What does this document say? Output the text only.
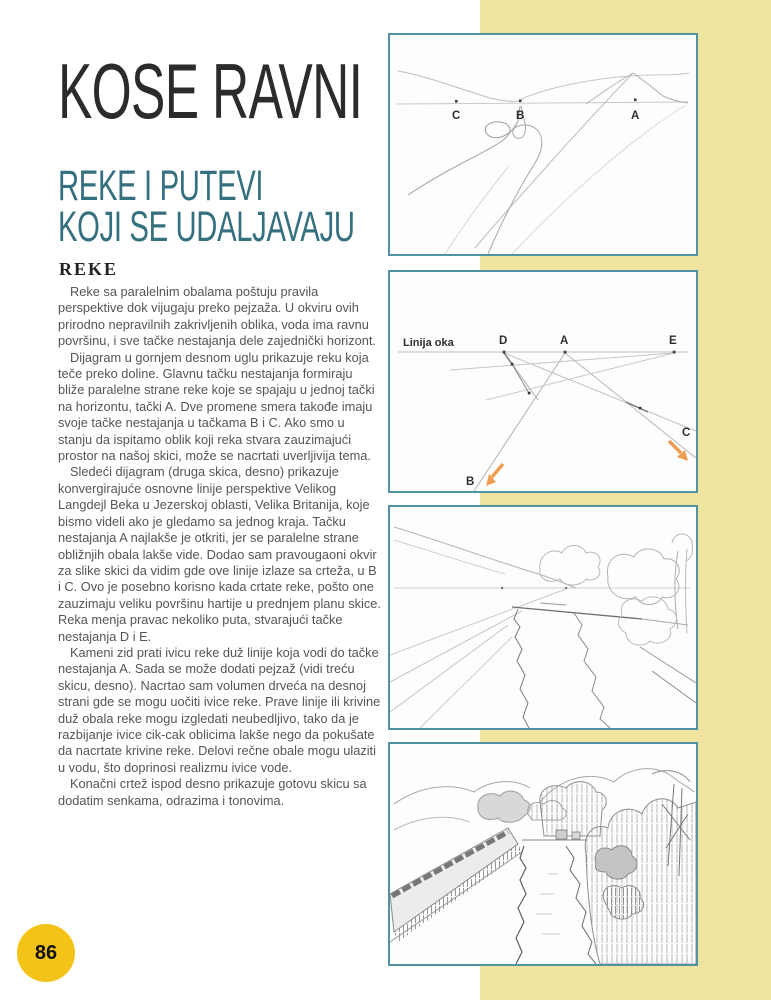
KOSE RAVNI
REKE I PUTEVI
KOJI SE UDALJAVAJU
REKE

Reke sa paralelnim obalama poštuju pravila perspektive dok vijugaju preko pejzaža. U okviru ovih prirodno nepravilnih zakrivljenih oblika, voda ima ravnu površinu, i sve tačke nestajanja dele zajednički horizont.

Dijagram u gornjem desnom uglu prikazuje reku koja teče preko doline. Glavnu tačku nestajanja formiraju bliže paralelne strane reke koje se spajaju u jednoj tački na horizontu, tački A. Dve promene smera takođe imaju svoje tačke nestajanja u tačkama B i C. Ako smo u stanju da ispitamo oblik koji reka stvara zauzimajući prostor na našoj skici, može se nacrtati uverljivija tema.

Sledeći dijagram (druga skica, desno) prikazuje konvergirajuće osnovne linije perspektive Velikog Langdejl Beka u Jezerskoj oblasti, Velika Britanija, koje bismo videli ako je gledamo sa jednog kraja. Tačku nestajanja A najlakše je otkriti, jer se paralelne strane obližnjih obala lakše vide. Dodao sam pravougaoni okvir za slike skici da vidim gde ove linije izlaze sa crteža, u B i C. Ovo je posebno korisno kada crtate reke, pošto one zauzimaju veliku površinu hartije u prednjem planu skice. Reka menja pravac nekoliko puta, stvarajući tačke nestajanja D i E.

Kameni zid prati ivicu reke duž linije koja vodi do tačke nestajanja A. Sada se može dodati pejzaž (vidi treću skicu, desno). Nacrtao sam volumen drveća na desnoj strani gde se mogu uočiti ivice reke. Prave linije ili krivine duž obala reke mogu izgledati neubedljivo, tako da je razbijanje ivice cik-cak oblicima lakše nego da pokušate da nacrtate krivine reke. Delovi rečne obale mogu ulaziti u vodu, što doprinosi realizmu ivice vode.

Konačni crtež ispod desno prikazuje gotovu skicu sa dodatim senkama, odrazima i tonovima.

C	B	A
Linija oka	D	A	E
B
C
86
